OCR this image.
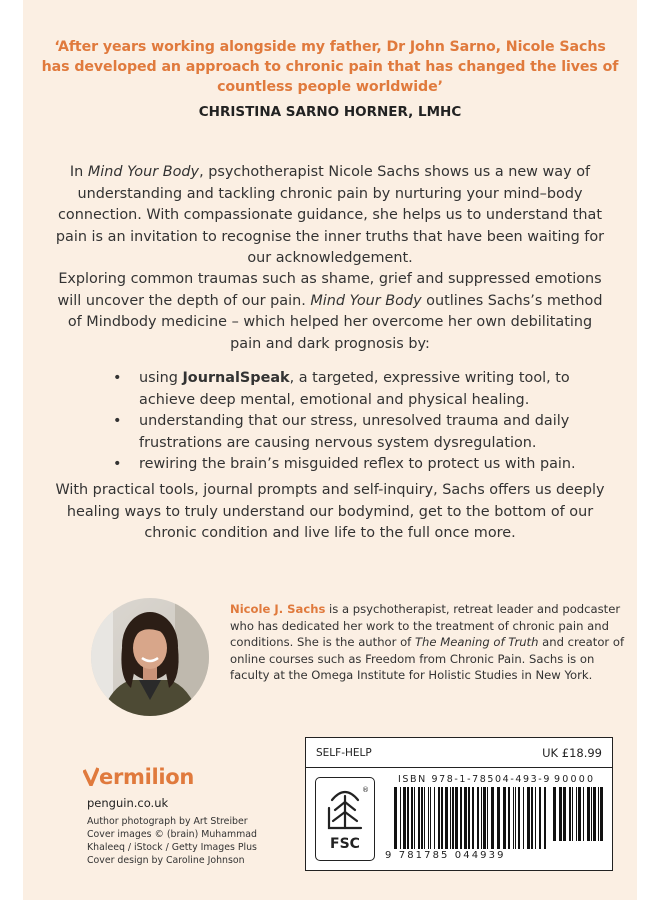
‘After years working alongside my father, Dr John Sarno, Nicole Sachs
has developed an approach to chronic pain that has changed the lives of
countless people worldwide’
CHRISTINA SARNO HORNER, LMHC

In Mind Your Body, psychotherapist Nicole Sachs shows us a new way of understanding and tackling chronic pain by nurturing your mind–body connection. With compassionate guidance, she helps us to understand that pain is an invitation to recognise the inner truths that have been waiting for our acknowledgement.

Exploring common traumas such as shame, grief and suppressed emotions will uncover the depth of our pain. Mind Your Body outlines Sachs’s method of Mindbody medicine – which helped her overcome her own debilitating pain and dark prognosis by:

• using JournalSpeak, a targeted, expressive writing tool, to achieve deep mental, emotional and physical healing.
• understanding that our stress, unresolved trauma and daily frustrations are causing nervous system dysregulation.
• rewiring the brain’s misguided reflex to protect us with pain.

With practical tools, journal prompts and self-inquiry, Sachs offers us deeply healing ways to truly understand our bodymind, get to the bottom of our chronic condition and live life to the full once more.

Nicole J. Sachs is a psychotherapist, retreat leader and podcaster who has dedicated her work to the treatment of chronic pain and conditions. She is the author of The Meaning of Truth and creator of online courses such as Freedom from Chronic Pain. Sachs is on faculty at the Omega Institute for Holistic Studies in New York.

ermilion
penguin.co.uk
Author photograph by Art Streiber
Cover images © (brain) Muhammad
Khaleeq / iStock / Getty Images Plus
Cover design by Caroline Johnson
SELF-HELP	UK £18.99
®
FSC
ISBN 978-1-78504-493-9 90000
9 781785 044939
